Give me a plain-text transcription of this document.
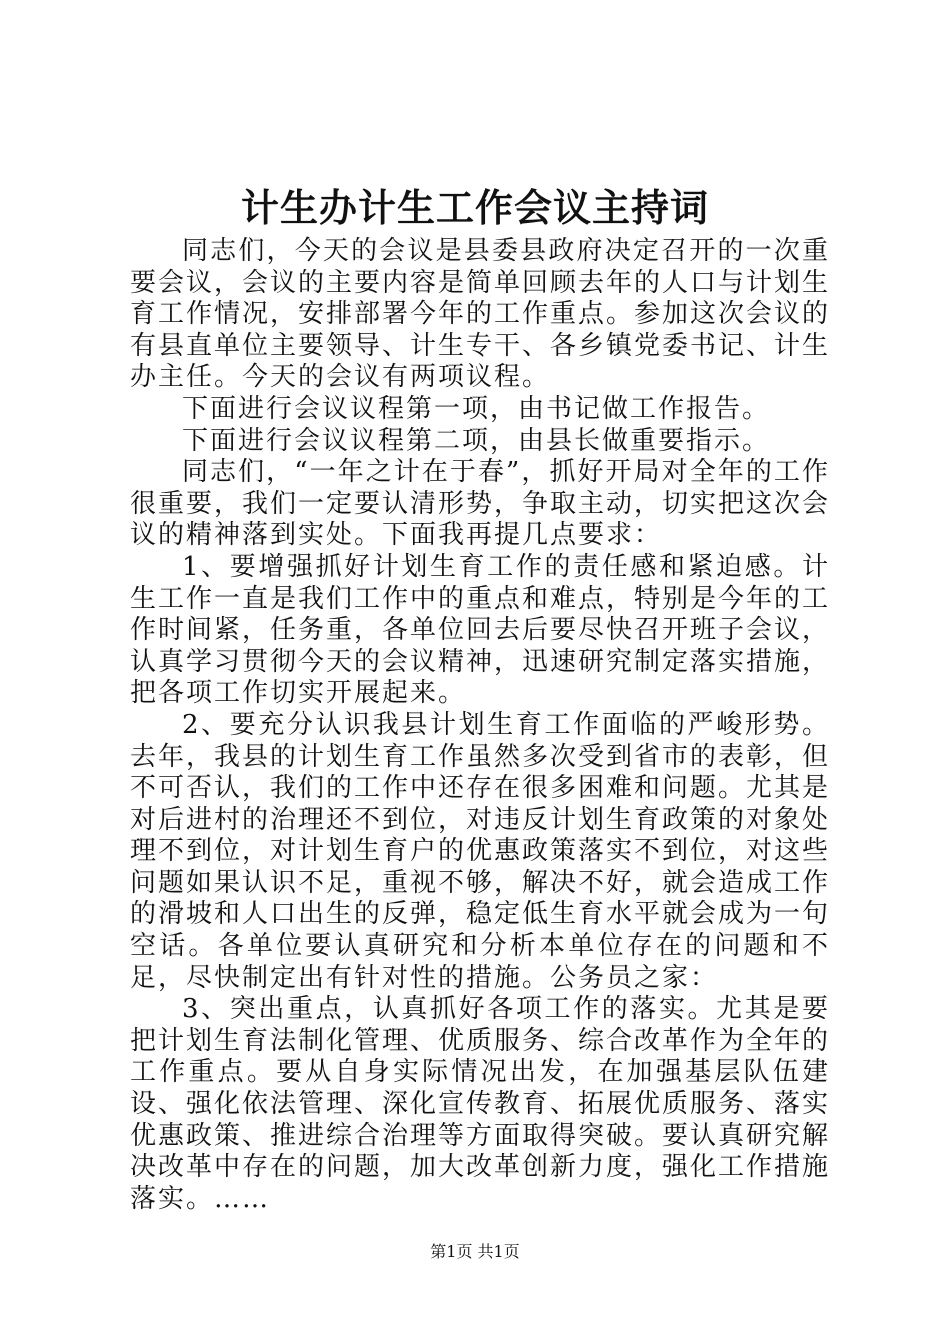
计生办计生工作会议主持词

同志们，今天的会议是县委县政府决定召开的一次重要会议，会议的主要内容是简单回顾去年的人口与计划生育工作情况，安排部署今年的工作重点。参加这次会议的有县直单位主要领导、计生专干、各乡镇党委书记、计生办主任。今天的会议有两项议程。

下面进行会议议程第一项，由书记做工作报告。

下面进行会议议程第二项，由县长做重要指示。

同志们，“一年之计在于春”，抓好开局对全年的工作很重要，我们一定要认清形势，争取主动，切实把这次会议的精神落到实处。下面我再提几点要求：

1、要增强抓好计划生育工作的责任感和紧迫感。计生工作一直是我们工作中的重点和难点，特别是今年的工作时间紧，任务重，各单位回去后要尽快召开班子会议，认真学习贯彻今天的会议精神，迅速研究制定落实措施，把各项工作切实开展起来。

2、要充分认识我县计划生育工作面临的严峻形势。去年，我县的计划生育工作虽然多次受到省市的表彰，但不可否认，我们的工作中还存在很多困难和问题。尤其是对后进村的治理还不到位，对违反计划生育政策的对象处理不到位，对计划生育户的优惠政策落实不到位，对这些问题如果认识不足，重视不够，解决不好，就会造成工作的滑坡和人口出生的反弹，稳定低生育水平就会成为一句空话。各单位要认真研究和分析本单位存在的问题和不足，尽快制定出有针对性的措施。公务员之家：

3、突出重点，认真抓好各项工作的落实。尤其是要把计划生育法制化管理、优质服务、综合改革作为全年的工作重点。要从自身实际情况出发，在加强基层队伍建设、强化依法管理、深化宣传教育、拓展优质服务、落实优惠政策、推进综合治理等方面取得突破。要认真研究解决改革中存在的问题，加大改革创新力度，强化工作措施落实。……

第1页 共1页
